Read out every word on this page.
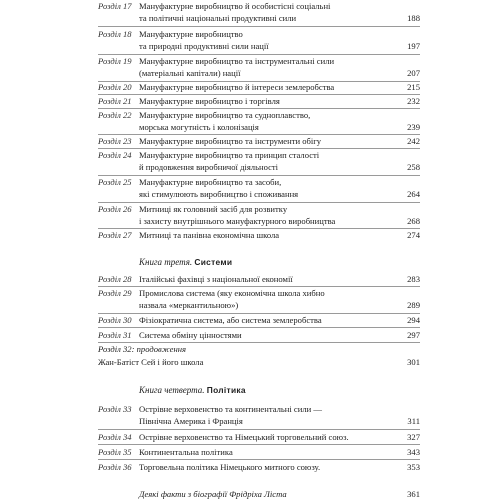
Розділ 17 Мануфактурне виробництво й особистісні соціальні
та політичні національні продуктивні сили	188
Розділ 18 Мануфактурне виробництво
та природні продуктивні сили нації	197
Розділ 19 Мануфактурне виробництво та інструментальні сили
(матеріальні капітали) нації	207
Розділ 20 Мануфактурне виробництво й інтереси землеробства	215
Розділ 21 Мануфактурне виробництво і торгівля	232
Розділ 22 Мануфактурне виробництво та судноплавство,
морська могутність і колонізація	239
Розділ 23 Мануфактурне виробництво та інструменти обігу	242
Розділ 24 Мануфактурне виробництво та принцип сталості
й продовження виробничої діяльності	258
Розділ 25 Мануфактурне виробництво та засоби,
які стимулюють виробництво і споживання	264
Розділ 26 Митниці як головний засіб для розвитку
і захисту внутрішнього мануфактурного виробництва	268
Розділ 27 Митниці та панівна економічна школа	274
Книга третя. Системи
Розділ 28 Італійські фахівці з національної економії	283
Розділ 29 Промислова система (яку економічна школа хибно
назвала «меркантильною»)	289
Розділ 30 Фізіократична система, або система землеробства	294
Розділ 31 Система обміну цінностями	297
Розділ 32: продовження
Жан-Батіст Сей і його школа	301
Книга четверта. Політика
Розділ 33 Острівне верховенство та континентальні сили —
Північна Америка і Франція	311
Розділ 34 Острівне верховенство та Німецький торговельний союз.	327
Розділ 35 Континентальна політика	343
Розділ 36 Торговельна політика Німецького митного союзу.	353
Деякі факти з біографії Фрідріха Ліста	361
